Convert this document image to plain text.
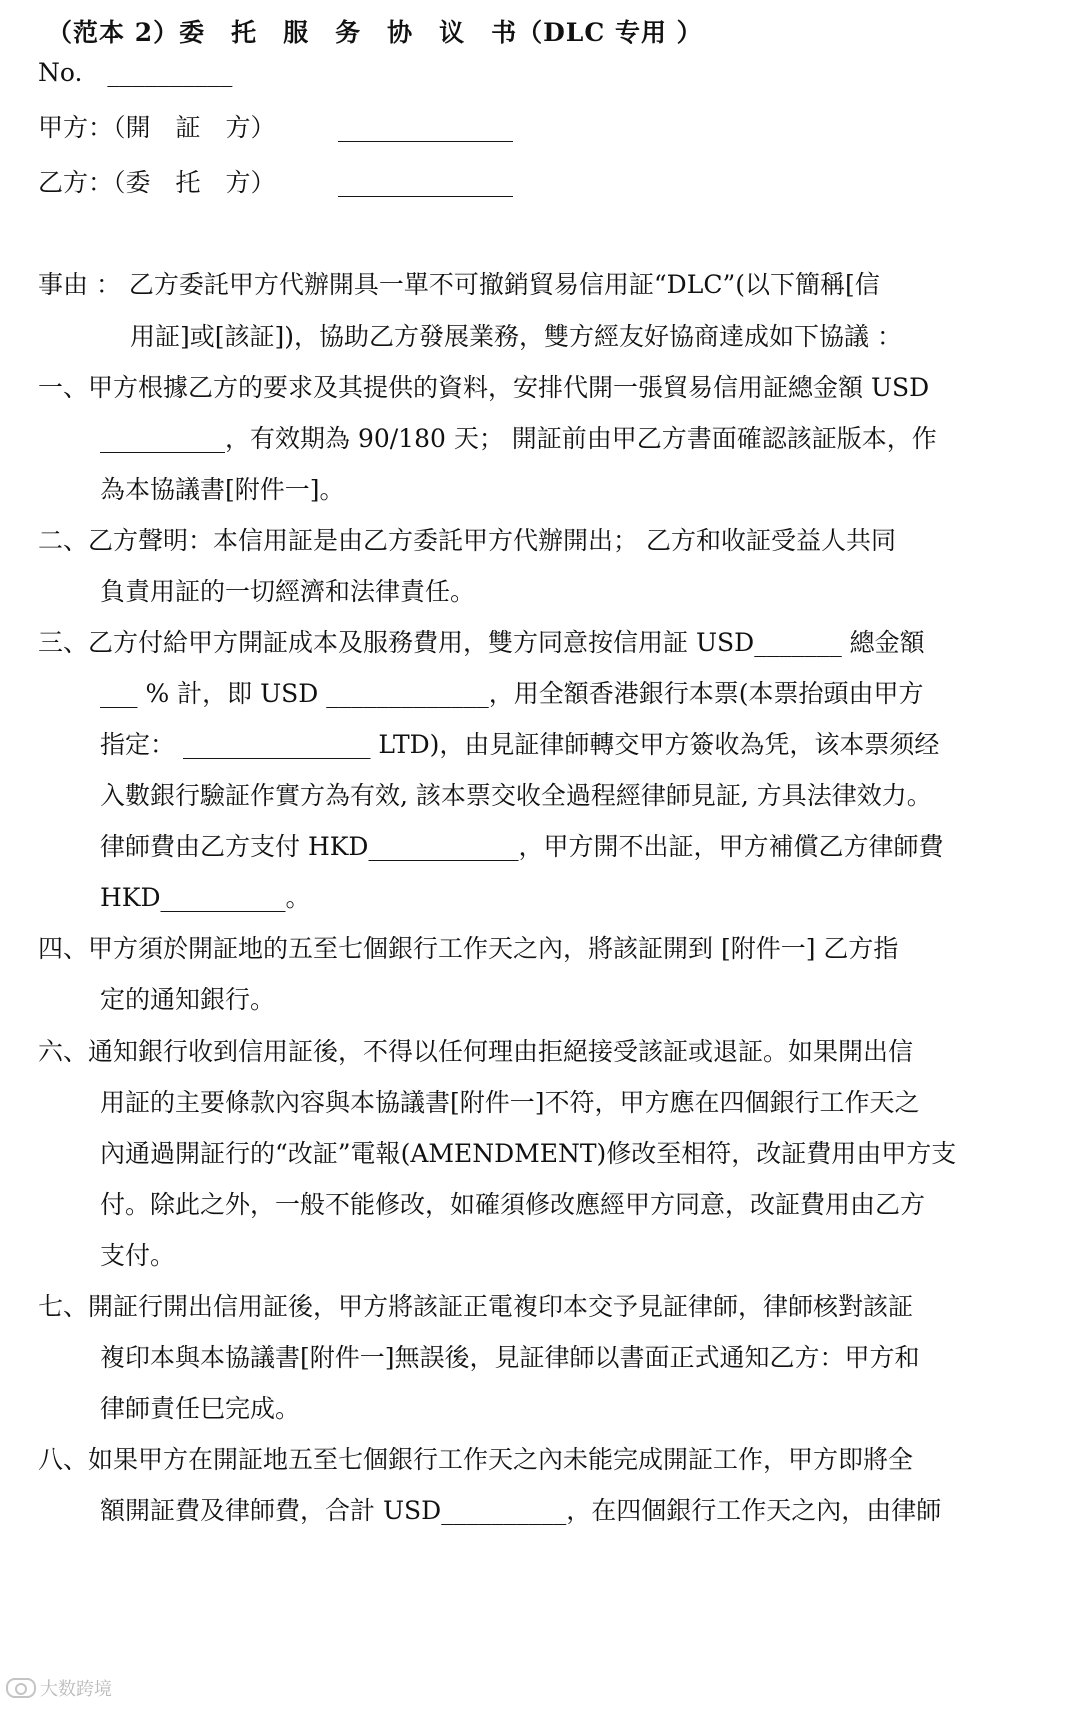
（范本 2）委　托　服　务　协　议　书（DLC 专用 ）
No.　__________
甲方：（開　証　方）　　　______________
乙方：（委　托　方）　　　______________
事由 ： 乙方委託甲方代辦開具一單不可撤銷貿易信用証“DLC”(以下簡稱[信
用証]或[該証])，協助乙方發展業務，雙方經友好協商達成如下協議 ：
一、甲方根據乙方的要求及其提供的資料，安排代開一張貿易信用証總金額 USD
__________，有效期為 90/180 天； 開証前由甲乙方書面確認該証版本，作
為本協議書[附件一]。
二、乙方聲明：本信用証是由乙方委託甲方代辦開出； 乙方和收証受益人共同
負責用証的一切經濟和法律責任。
三、乙方付給甲方開証成本及服務費用，雙方同意按信用証 USD_______ 總金額
___ % 計，即 USD _____________，用全額香港銀行本票(本票抬頭由甲方
指定： _______________ LTD)，由見証律師轉交甲方簽收為凭，该本票须经
入數銀行驗証作實方為有效, 該本票交收全過程經律師見証, 方具法律效力。
律師費由乙方支付 HKD____________，甲方開不出証，甲方補償乙方律師費
HKD__________。
四、甲方須於開証地的五至七個銀行工作天之內，將該証開到 [附件一] 乙方指
定的通知銀行。
六、通知銀行收到信用証後，不得以任何理由拒絕接受該証或退証。如果開出信
用証的主要條款內容與本協議書[附件一]不符，甲方應在四個銀行工作天之
內通過開証行的“改証”電報(AMENDMENT)修改至相符，改証費用由甲方支
付。除此之外，一般不能修改，如確須修改應經甲方同意，改証費用由乙方
支付。
七、開証行開出信用証後，甲方將該証正電複印本交予見証律師，律師核對該証
複印本與本協議書[附件一]無誤後，見証律師以書面正式通知乙方：甲方和
律師責任巳完成。
八、如果甲方在開証地五至七個銀行工作天之內未能完成開証工作，甲方即將全
額開証費及律師費，合計 USD__________，在四個銀行工作天之內，由律師
大数跨境
